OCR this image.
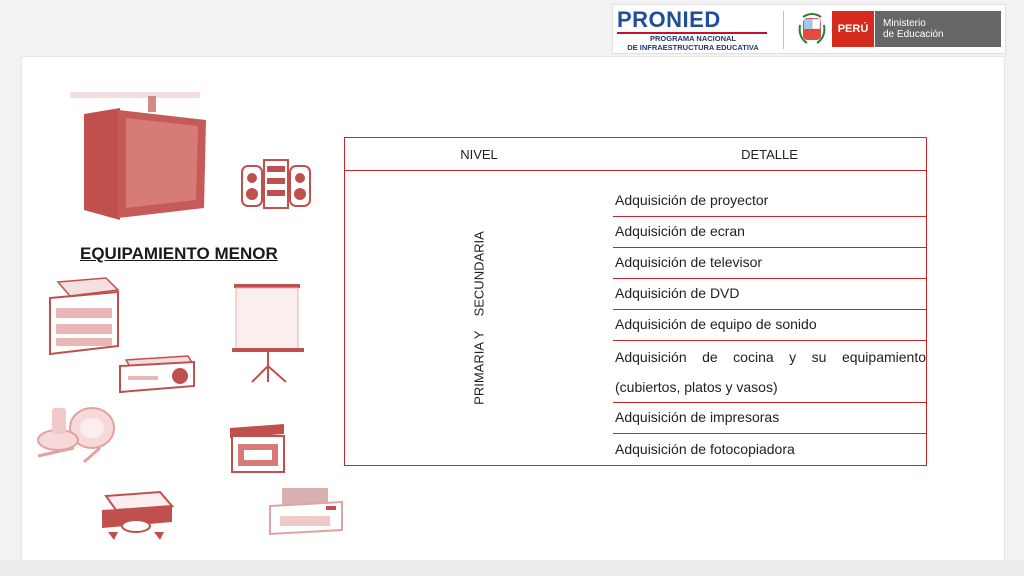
PRONIED
PROGRAMA NACIONAL
DE INFRAESTRUCTURA EDUCATIVA
PERÚ	Ministerio
de Educación
EQUIPAMIENTO MENOR
NIVEL	DETALLE
PRIMARIA Y    SECUNDARIA
Adquisición de proyector
Adquisición de ecran
Adquisición de televisor
Adquisición de DVD
Adquisición de equipo de sonido
Adquisición de cocina y su equipamiento
(cubiertos, platos y vasos)
Adquisición de impresoras
Adquisición de fotocopiadora
